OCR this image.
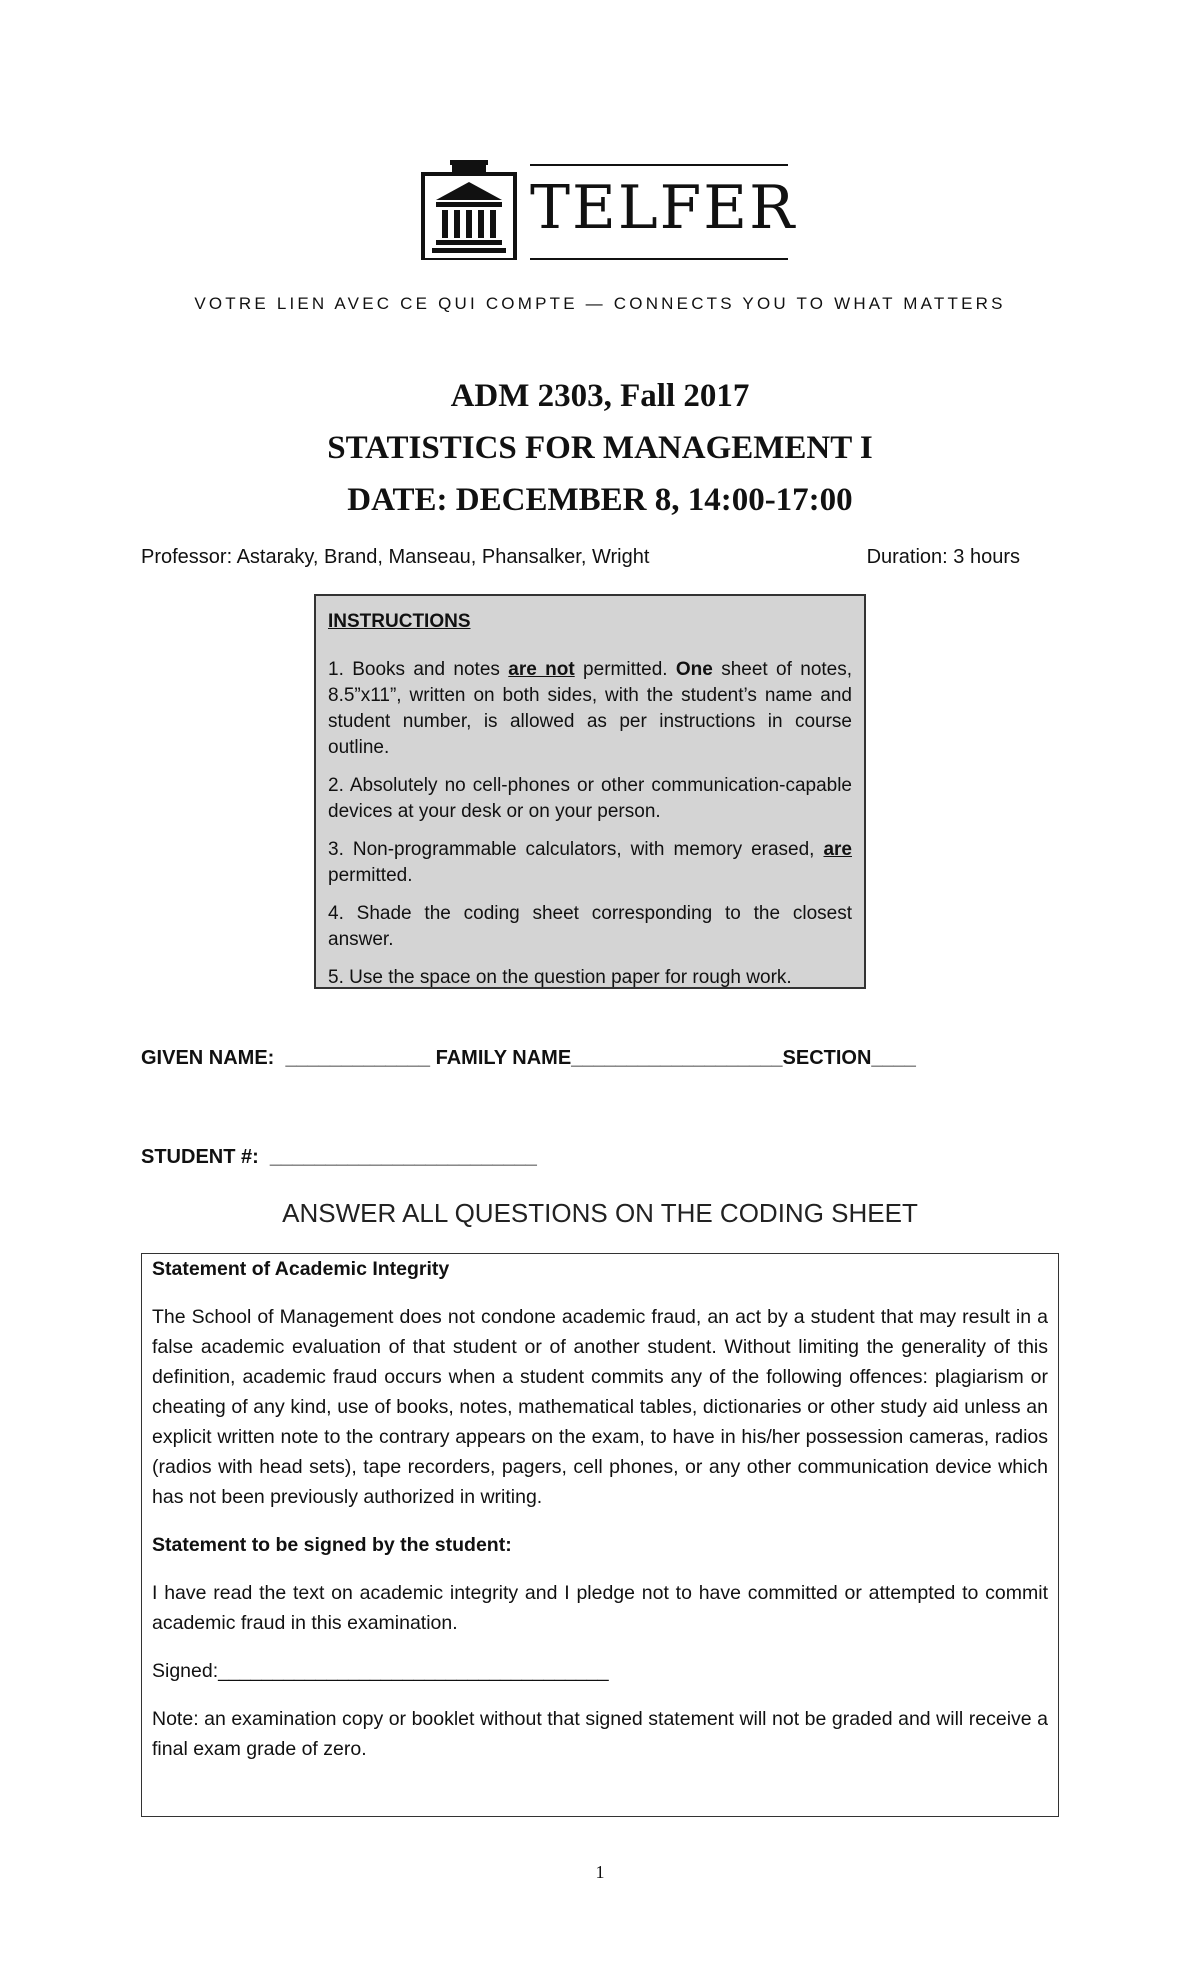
TELFER
VOTRE LIEN AVEC CE QUI COMPTE — CONNECTS YOU TO WHAT MATTERS
ADM 2303, Fall 2017
STATISTICS FOR MANAGEMENT I
DATE: DECEMBER 8, 14:00-17:00
Professor: Astaraky, Brand, Manseau, Phansalker, Wright	Duration: 3 hours
INSTRUCTIONS

1. Books and notes are not permitted. One sheet of notes, 8.5”x11”, written on both sides, with the student’s name and student number, is allowed as per instructions in course outline.

2. Absolutely no cell-phones or other communication-capable devices at your desk or on your person.

3. Non-programmable calculators, with memory erased, are permitted.

4. Shade the coding sheet corresponding to the closest answer.

5. Use the space on the question paper for rough work.

GIVEN NAME:  _____________ FAMILY NAME___________________SECTION____
STUDENT #:  ________________________
ANSWER ALL QUESTIONS ON THE CODING SHEET

Statement of Academic Integrity

The School of Management does not condone academic fraud, an act by a student that may result in a false academic evaluation of that student or of another student. Without limiting the generality of this definition, academic fraud occurs when a student commits any of the following offences: plagiarism or cheating of any kind, use of books, notes, mathematical tables, dictionaries or other study aid unless an explicit written note to the contrary appears on the exam, to have in his/her possession cameras, radios (radios with head sets), tape recorders, pagers, cell phones, or any other communication device which has not been previously authorized in writing.

Statement to be signed by the student:

I have read the text on academic integrity and I pledge not to have committed or attempted to commit academic fraud in this examination.

Signed:____________________________________

Note: an examination copy or booklet without that signed statement will not be graded and will receive a final exam grade of zero.

1
